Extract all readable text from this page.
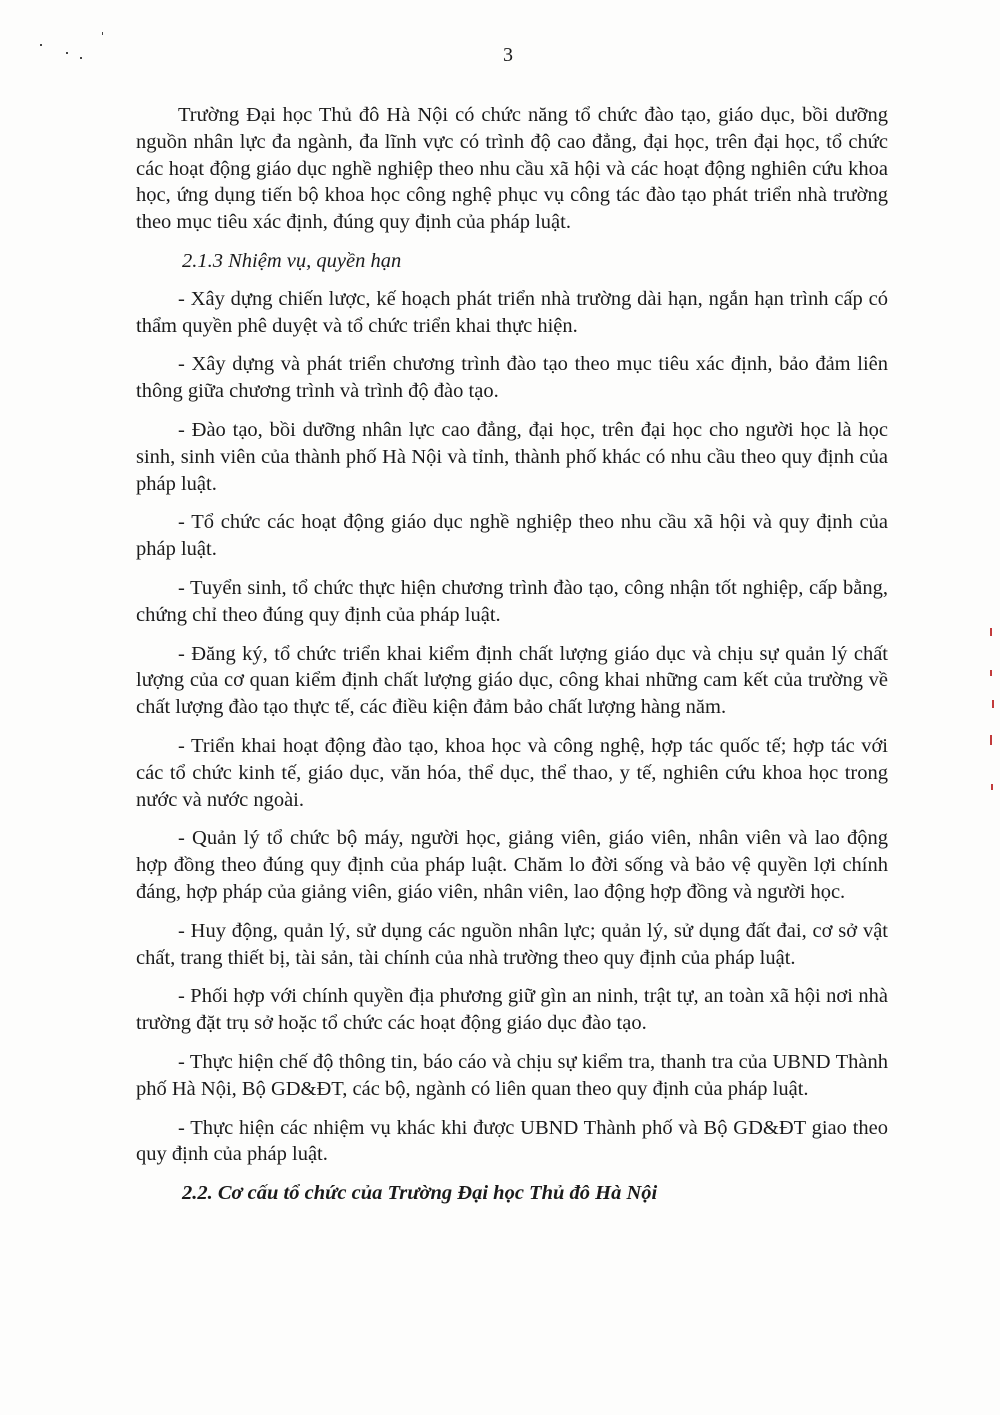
3

Trường Đại học Thủ đô Hà Nội có chức năng tổ chức đào tạo, giáo dục, bồi dưỡng nguồn nhân lực đa ngành, đa lĩnh vực có trình độ cao đẳng, đại học, trên đại học, tổ chức các hoạt động giáo dục nghề nghiệp theo nhu cầu xã hội và các hoạt động nghiên cứu khoa học, ứng dụng tiến bộ khoa học công nghệ phục vụ công tác đào tạo phát triển nhà trường theo mục tiêu xác định, đúng quy định của pháp luật.

2.1.3 Nhiệm vụ, quyền hạn

- Xây dựng chiến lược, kế hoạch phát triển nhà trường dài hạn, ngắn hạn trình cấp có thẩm quyền phê duyệt và tổ chức triển khai thực hiện.

- Xây dựng và phát triển chương trình đào tạo theo mục tiêu xác định, bảo đảm liên thông giữa chương trình và trình độ đào tạo.

- Đào tạo, bồi dưỡng nhân lực cao đẳng, đại học, trên đại học cho người học là học sinh, sinh viên của thành phố Hà Nội và tỉnh, thành phố khác có nhu cầu theo quy định của pháp luật.

- Tổ chức các hoạt động giáo dục nghề nghiệp theo nhu cầu xã hội và quy định của pháp luật.

- Tuyển sinh, tổ chức thực hiện chương trình đào tạo, công nhận tốt nghiệp, cấp bằng, chứng chỉ theo đúng quy định của pháp luật.

- Đăng ký, tổ chức triển khai kiểm định chất lượng giáo dục và chịu sự quản lý chất lượng của cơ quan kiểm định chất lượng giáo dục, công khai những cam kết của trường về chất lượng đào tạo thực tế, các điều kiện đảm bảo chất lượng hàng năm.

- Triển khai hoạt động đào tạo, khoa học và công nghệ, hợp tác quốc tế; hợp tác với các tổ chức kinh tế, giáo dục, văn hóa, thể dục, thể thao, y tế, nghiên cứu khoa học trong nước và nước ngoài.

- Quản lý tổ chức bộ máy, người học, giảng viên, giáo viên, nhân viên và lao động hợp đồng theo đúng quy định của pháp luật. Chăm lo đời sống và bảo vệ quyền lợi chính đáng, hợp pháp của giảng viên, giáo viên, nhân viên, lao động hợp đồng và người học.

- Huy động, quản lý, sử dụng các nguồn nhân lực; quản lý, sử dụng đất đai, cơ sở vật chất, trang thiết bị, tài sản, tài chính của nhà trường theo quy định của pháp luật.

- Phối hợp với chính quyền địa phương giữ gìn an ninh, trật tự, an toàn xã hội nơi nhà trường đặt trụ sở hoặc tổ chức các hoạt động giáo dục đào tạo.

- Thực hiện chế độ thông tin, báo cáo và chịu sự kiểm tra, thanh tra của UBND Thành phố Hà Nội, Bộ GD&ĐT, các bộ, ngành có liên quan theo quy định của pháp luật.

- Thực hiện các nhiệm vụ khác khi được UBND Thành phố và Bộ GD&ĐT giao theo quy định của pháp luật.

2.2. Cơ cấu tổ chức của Trường Đại học Thủ đô Hà Nội
